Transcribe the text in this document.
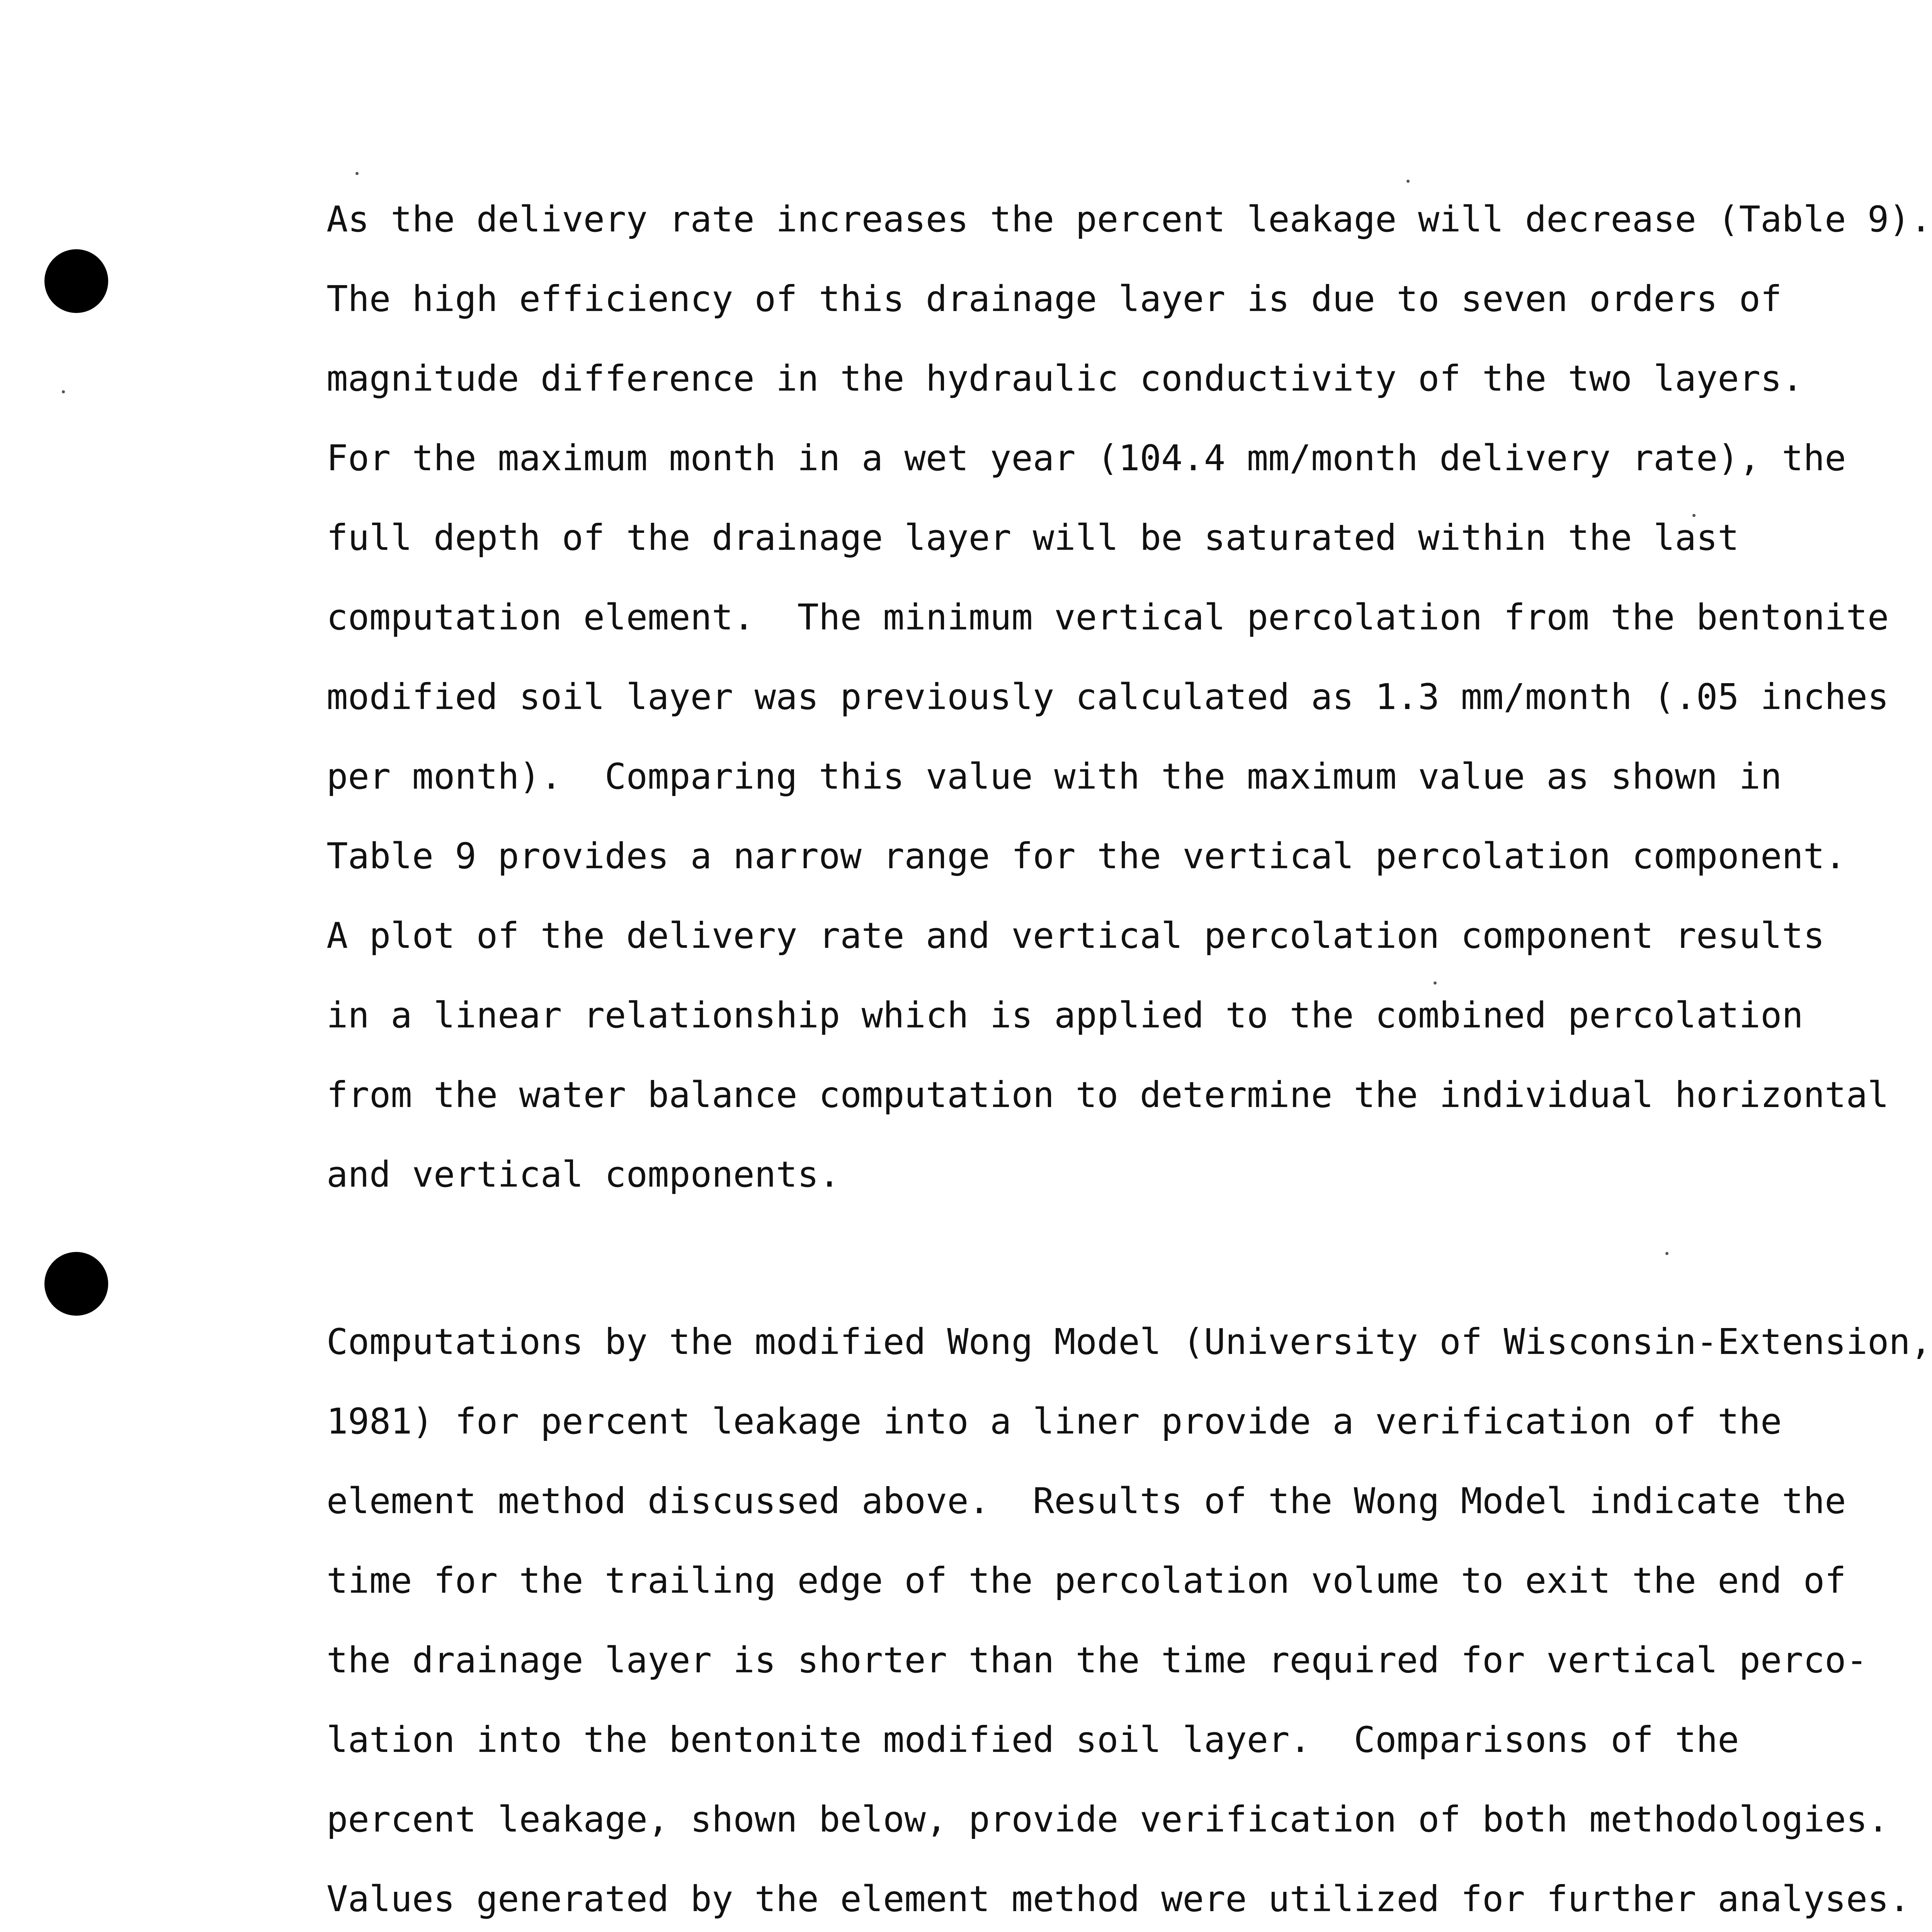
As the delivery rate increases the percent leakage will decrease (Table 9).
The high efficiency of this drainage layer is due to seven orders of
magnitude difference in the hydraulic conductivity of the two layers.
For the maximum month in a wet year (104.4 mm/month delivery rate), the
full depth of the drainage layer will be saturated within the last
computation element.  The minimum vertical percolation from the bentonite
modified soil layer was previously calculated as 1.3 mm/month (.05 inches
per month).  Comparing this value with the maximum value as shown in
Table 9 provides a narrow range for the vertical percolation component.
A plot of the delivery rate and vertical percolation component results
in a linear relationship which is applied to the combined percolation
from the water balance computation to determine the individual horizontal
and vertical components.
Computations by the modified Wong Model (University of Wisconsin-Extension,
1981) for percent leakage into a liner provide a verification of the
element method discussed above.  Results of the Wong Model indicate the
time for the trailing edge of the percolation volume to exit the end of
the drainage layer is shorter than the time required for vertical perco-
lation into the bentonite modified soil layer.  Comparisons of the
percent leakage, shown below, provide verification of both methodologies.
Values generated by the element method were utilized for further analyses.
